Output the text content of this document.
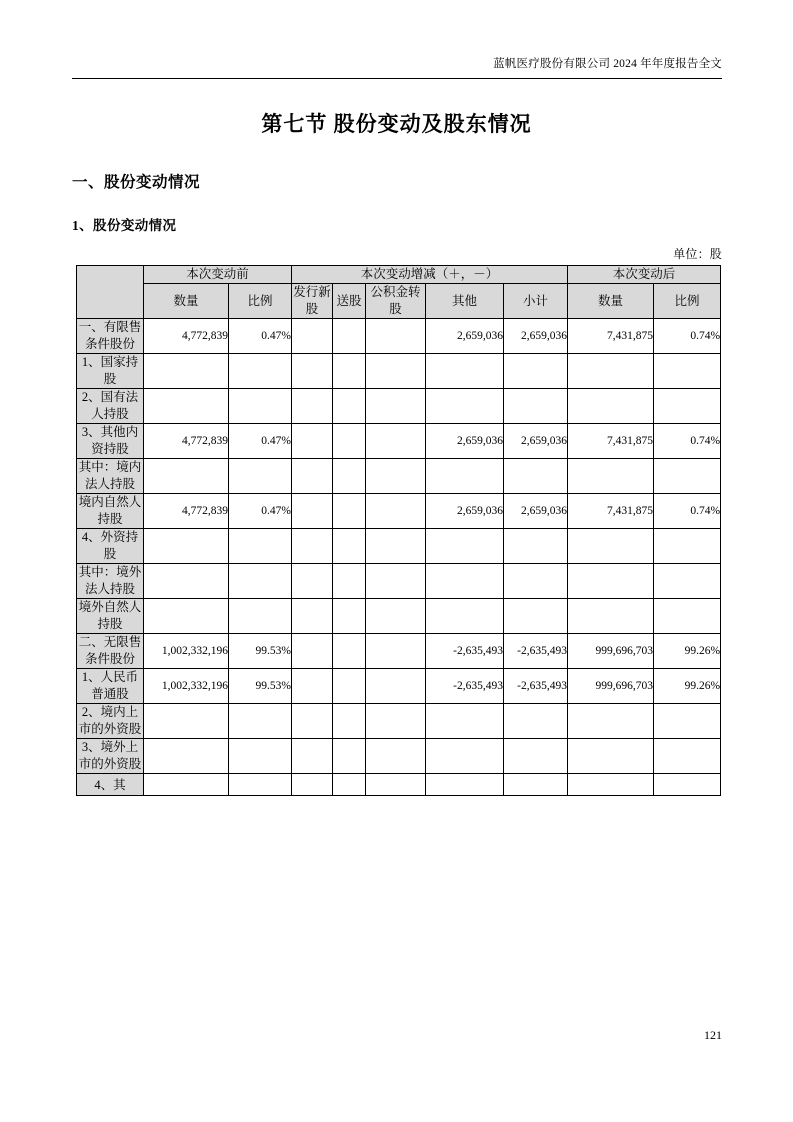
蓝帆医疗股份有限公司 2024 年年度报告全文
第七节 股份变动及股东情况
一、股份变动情况
1、股份变动情况
单位：股
	本次变动前		本次变动增减（＋，－）					本次变动后	
	数量	比例	发行新股	送股	公积金转股	其他	小计	数量	比例
一、有限售条件股份	4,772,839	0.47%				2,659,036	2,659,036	7,431,875	0.74%
1、国家持股									
2、国有法人持股									
3、其他内资持股	4,772,839	0.47%				2,659,036	2,659,036	7,431,875	0.74%
其中：境内法人持股									
境内自然人持股	4,772,839	0.47%				2,659,036	2,659,036	7,431,875	0.74%
4、外资持股									
其中：境外法人持股									
境外自然人持股									
二、无限售条件股份	1,002,332,196	99.53%				-2,635,493	-2,635,493	999,696,703	99.26%
1、人民币普通股	1,002,332,196	99.53%				-2,635,493	-2,635,493	999,696,703	99.26%
2、境内上市的外资股									
3、境外上市的外资股									
4、其									
121
